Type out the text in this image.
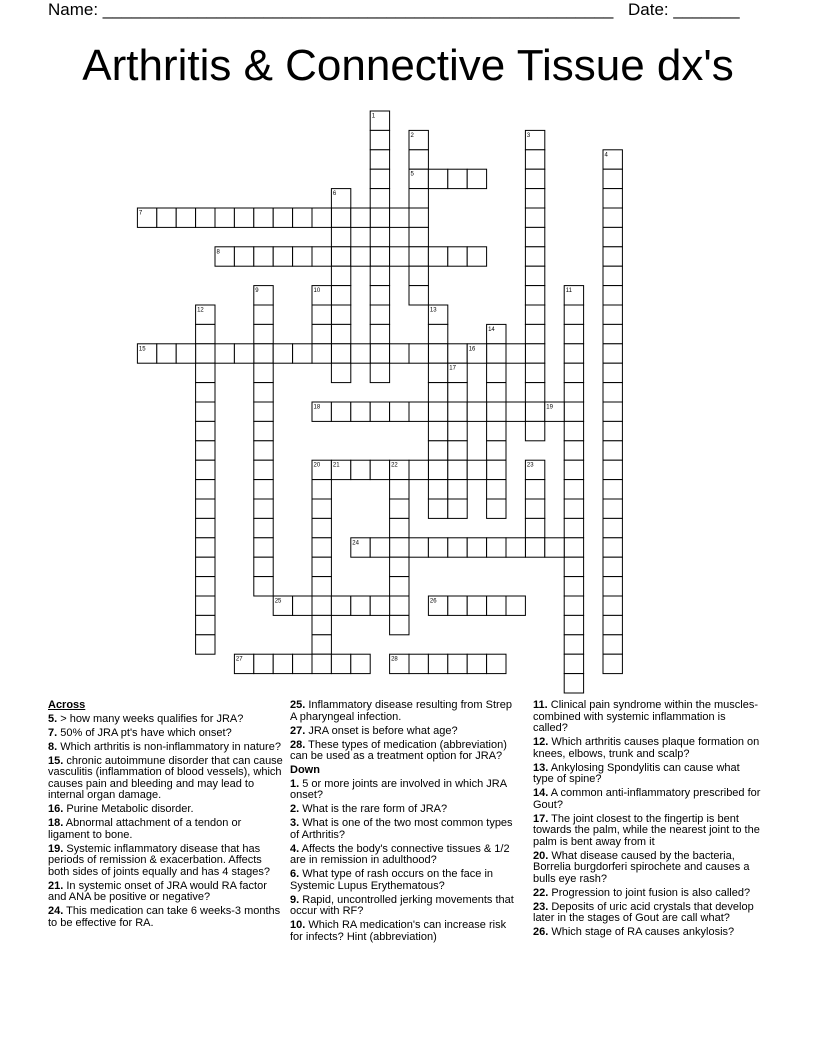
Name: ______________________________________________________ Date: _______
Arthritis & Connective Tissue dx's
1
2	3
4
5
6
7
8
9	10	11
12	13
14
15	16
17
18	19
20 21	22	23
24
25	26
27	28
Across
5. > how many weeks qualifies for JRA?
7. 50% of JRA pt's have which onset?
8. Which arthritis is non-inflammatory in nature?
15. chronic autoimmune disorder that can cause vasculitis (inflammation of blood vessels), which causes pain and bleeding and may lead to internal organ damage.
16. Purine Metabolic disorder.
18. Abnormal attachment of a tendon or ligament to bone.
19. Systemic inflammatory disease that has periods of remission & exacerbation. Affects both sides of joints equally and has 4 stages?
21. In systemic onset of JRA would RA factor and ANA be positive or negative?
24. This medication can take 6 weeks-3 months to be effective for RA.
25. Inflammatory disease resulting from Strep A pharyngeal infection.
27. JRA onset is before what age?
28. These types of medication (abbreviation) can be used as a treatment option for JRA?
Down
1. 5 or more joints are involved in which JRA onset?
2. What is the rare form of JRA?
3. What is one of the two most common types of Arthritis?
4. Affects the body's connective tissues & 1/2 are in remission in adulthood?
6. What type of rash occurs on the face in Systemic Lupus Erythematous?
9. Rapid, uncontrolled jerking movements that occur with RF?
10. Which RA medication's can increase risk for infects? Hint (abbreviation)
11. Clinical pain syndrome within the muscles-combined with systemic inflammation is called?
12. Which arthritis causes plaque formation on knees, elbows, trunk and scalp?
13. Ankylosing Spondylitis can cause what type of spine?
14. A common anti-inflammatory prescribed for Gout?
17. The joint closest to the fingertip is bent towards the palm, while the nearest joint to the palm is bent away from it
20. What disease caused by the bacteria, Borrelia burgdorferi spirochete and causes a bulls eye rash?
22. Progression to joint fusion is also called?
23. Deposits of uric acid crystals that develop later in the stages of Gout are call what?
26. Which stage of RA causes ankylosis?
